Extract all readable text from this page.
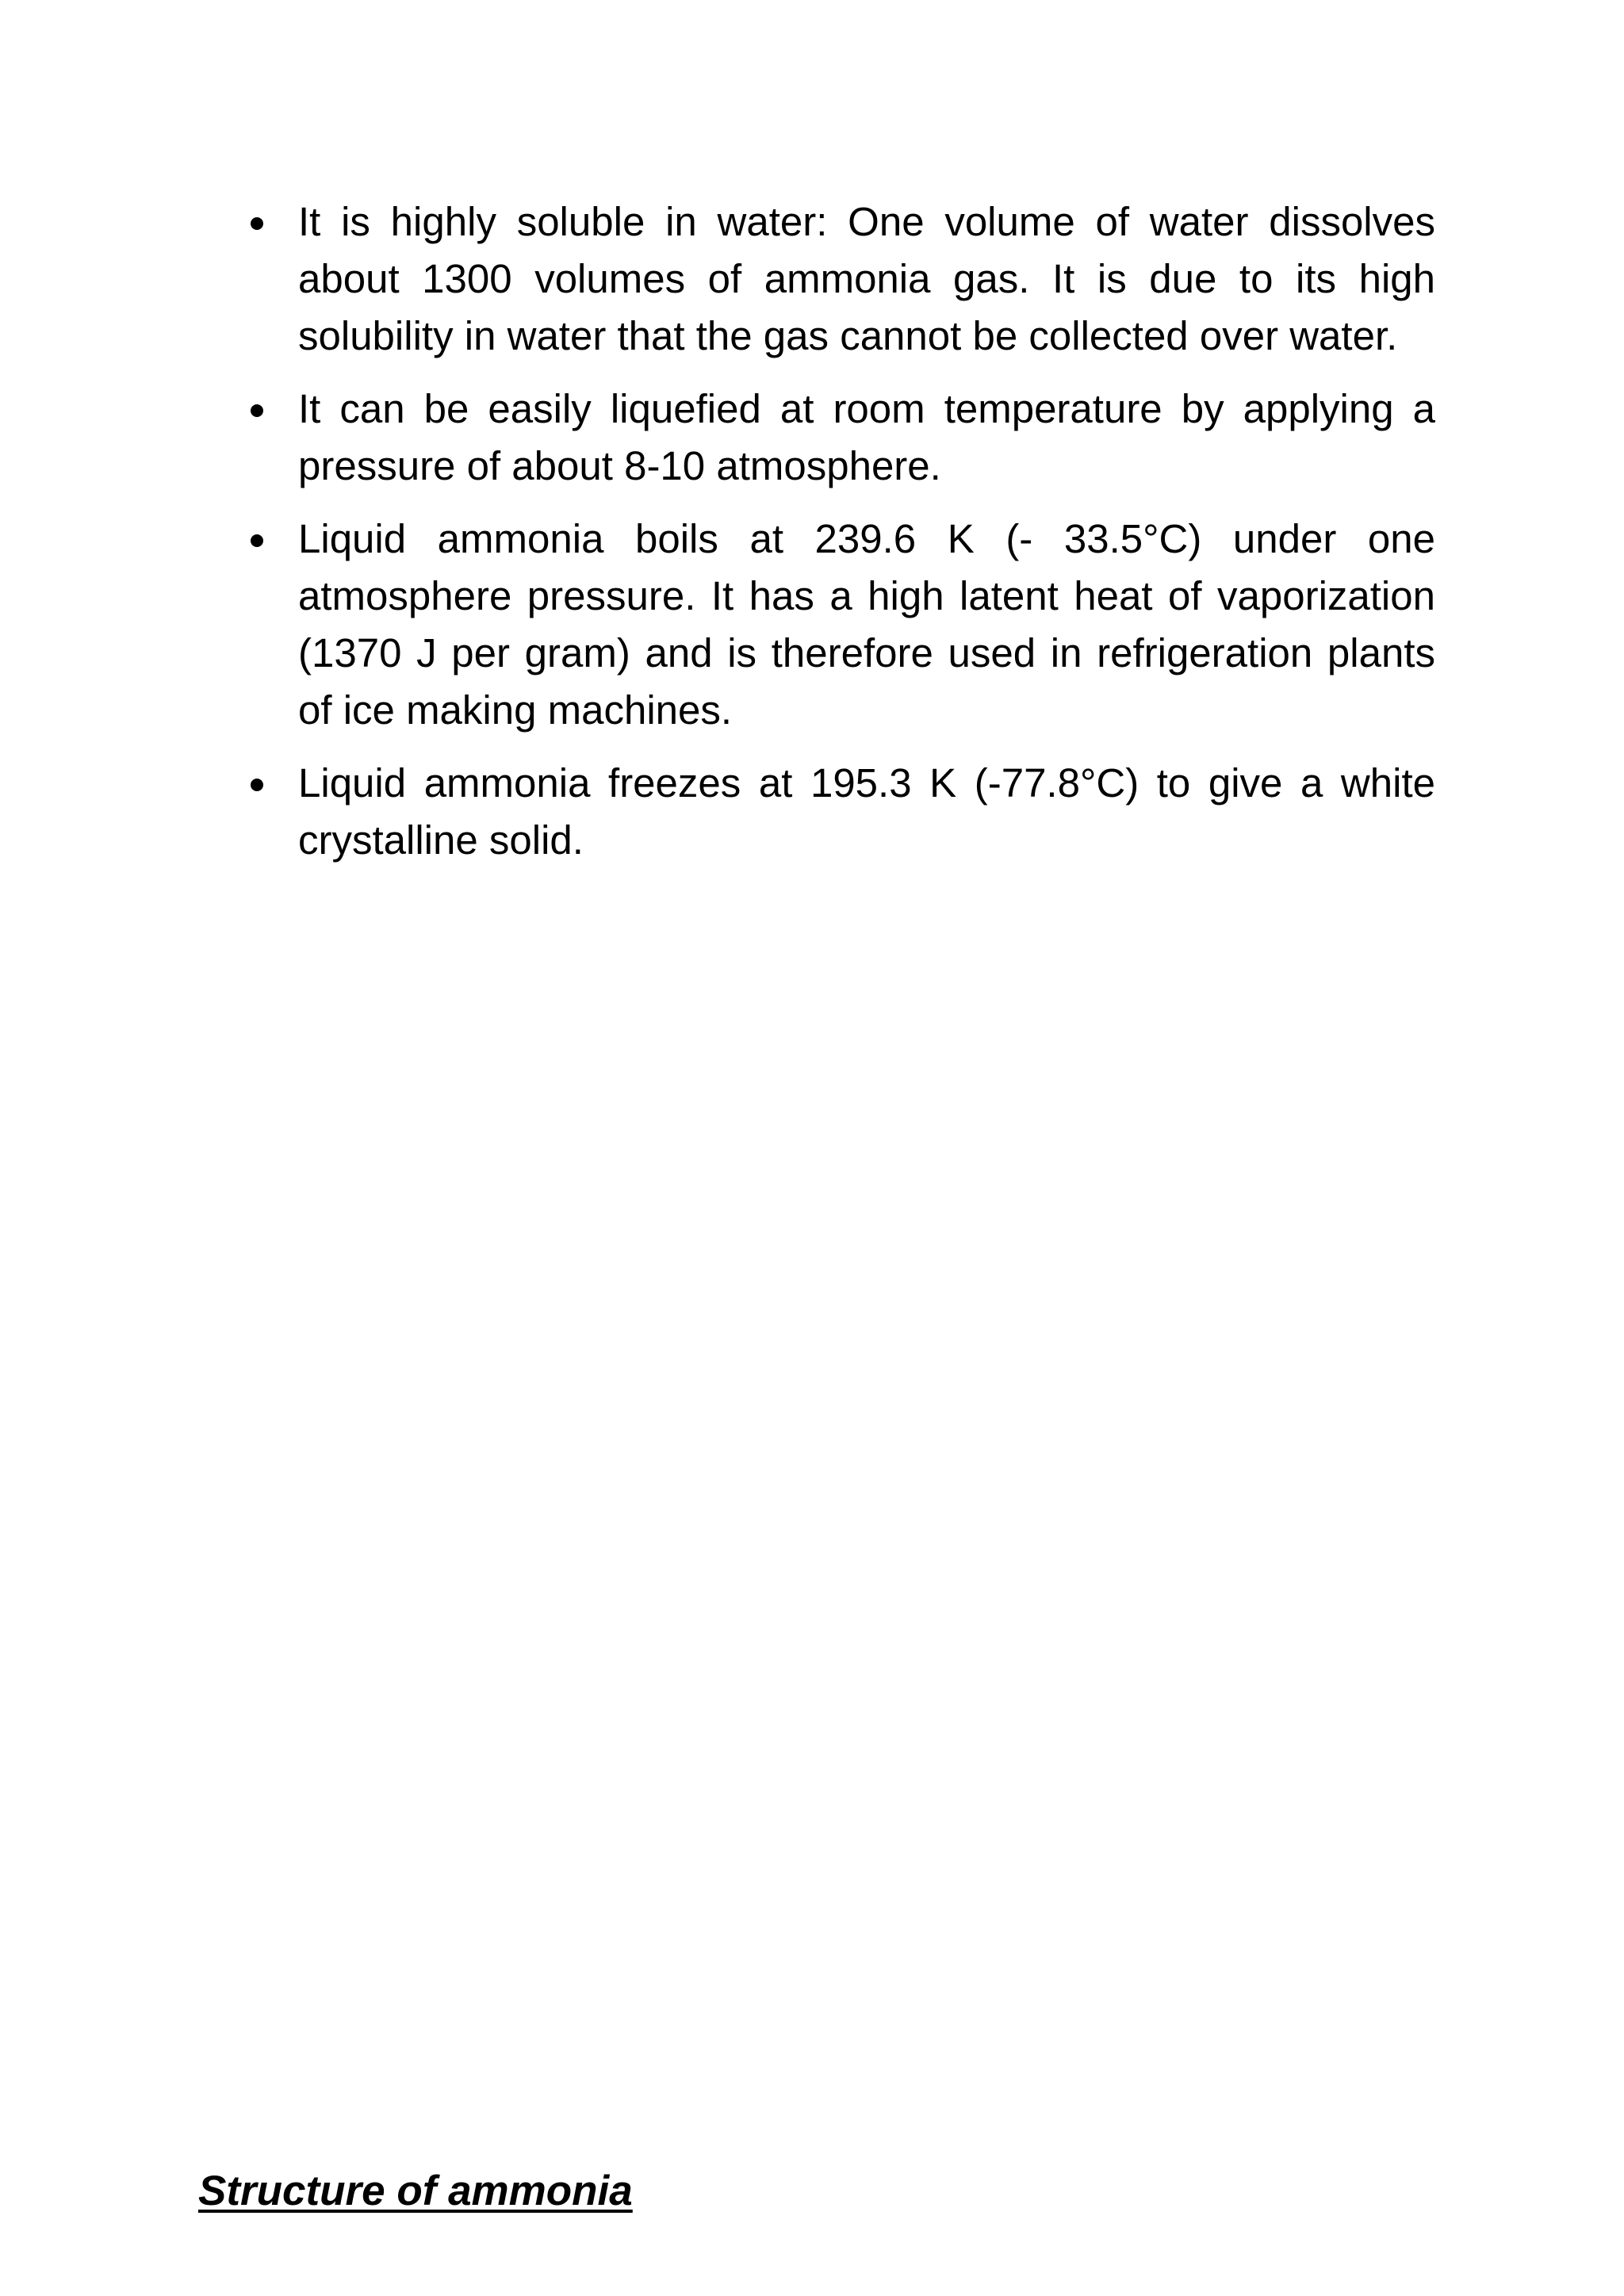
It is highly soluble in water: One volume of water dissolves about 1300 volumes of ammonia gas. It is due to its high solubility in water that the gas cannot be collected over water.
It can be easily liquefied at room temperature by applying a pressure of about 8-10 atmosphere.
Liquid ammonia boils at 239.6 K (- 33.5°C) under one atmosphere pressure. It has a high latent heat of vaporization (1370 J per gram) and is therefore used in refrigeration plants of ice making machines.
Liquid ammonia freezes at 195.3 K (-77.8°C) to give a white crystalline solid.
Structure of ammonia
